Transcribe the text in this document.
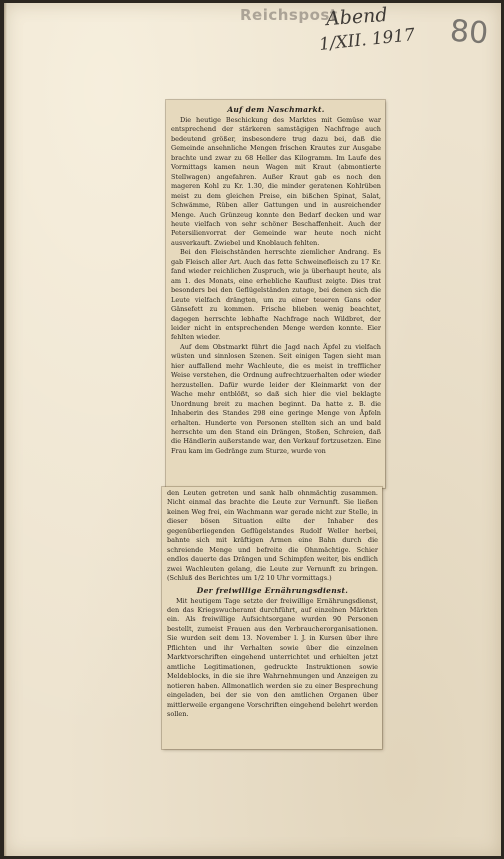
Reichspost
Abend
1/XII. 1917 80
Auf dem Naschmarkt.

Die heutige Beschickung des Marktes mit Gemüse war entsprechend der stärkeren samstägigen Nachfrage auch bedeutend größer, insbesondere trug dazu bei, daß die Gemeinde ansehnliche Mengen frischen Krautes zur Ausgabe brachte und zwar zu 68 Heller das Kilogramm. Im Laufe des Vormittags kamen neun Wagen mit Kraut (abmontierte Stellwagen) angefahren. Außer Kraut gab es noch den mageren Kohl zu Kr. 1.30, die minder geratenen Kohlrüben meist zu dem gleichen Preise, ein bißchen Spinat, Salat, Schwämme, Rüben aller Gattungen und in ausreichender Menge. Auch Grünzeug konnte den Bedarf decken und war heute vielfach von sehr schöner Beschaffenheit. Auch der Petersilienvorrat der Gemeinde war heute noch nicht ausverkauft. Zwiebel und Knoblauch fehlten.

Bei den Fleischständen herrschte ziemlicher Andrang. Es gab Fleisch aller Art. Auch das fette Schweinefleisch zu 17 Kr. fand wieder reichlichen Zuspruch, wie ja überhaupt heute, als am 1. des Monats, eine erhebliche Kauflust zeigte. Dies trat besonders bei den Geflügelständen zutage, bei denen sich die Leute vielfach drängten, um zu einer teueren Gans oder Gänsefett zu kommen. Frische blieben wenig beachtet, dagegen herrschte lebhafte Nachfrage nach Wildbret, der leider nicht in entsprechenden Menge werden konnte. Eier fehlten wieder.

Auf dem Obstmarkt führt die Jagd nach Äpfel zu vielfach wüsten und sinnlosen Szenen. Seit einigen Tagen sieht man hier auffallend mehr Wachleute, die es meist in trefflicher Weise verstehen, die Ordnung aufrechtzuerhalten oder wieder herzustellen. Dafür wurde leider der Kleinmarkt von der Wache mehr entblößt, so daß sich hier die viel beklagte Unordnung breit zu machen beginnt. Da hatte z. B. die Inhaberin des Standes 298 eine geringe Menge von Äpfeln erhalten. Hunderte von Personen stellten sich an und bald herrschte um den Stand ein Drängen, Stoßen, Schreien, daß die Händlerin außerstande war, den Verkauf fortzusetzen. Eine Frau kam im Gedränge zum Sturze, wurde von

den Leuten getreten und sank halb ohnmächtig zusammen. Nicht einmal das brachte die Leute zur Vernunft. Sie ließen keinen Weg frei, ein Wachmann war gerade nicht zur Stelle, in dieser bösen Situation eilte der Inhaber des gegenüberliegenden Geflügelstandes Rudolf Weller herbei, bahnte sich mit kräftigen Armen eine Bahn durch die schreiende Menge und befreite die Ohnmächtige. Schier endlos dauerte das Drängen und Schimpfen weiter, bis endlich zwei Wachleuten gelang, die Leute zur Vernunft zu bringen. (Schluß des Berichtes um 1/2 10 Uhr vormittags.)

Der freiwillige Ernährungsdienst.

Mit heutigem Tage setzte der freiwillige Ernährungsdienst, den das Kriegswucheramt durchführt, auf einzelnen Märkten ein. Als freiwillige Aufsichtsorgane wurden 90 Personen bestellt, zumeist Frauen aus den Verbraucherorganisationen. Sie wurden seit dem 13. November l. J. in Kursen über ihre Pflichten und ihr Verhalten sowie über die einzelnen Marktvorschriften eingehend unterrichtet und erhielten jetzt amtliche Legitimationen, gedruckte Instruktionen sowie Meldeblocks, in die sie ihre Wahrnehmungen und Anzeigen zu notieren haben. Allmonatlich werden sie zu einer Besprechung eingeladen, bei der sie von den amtlichen Organen über mittlerweile ergangene Vorschriften eingehend belehrt werden sollen.
